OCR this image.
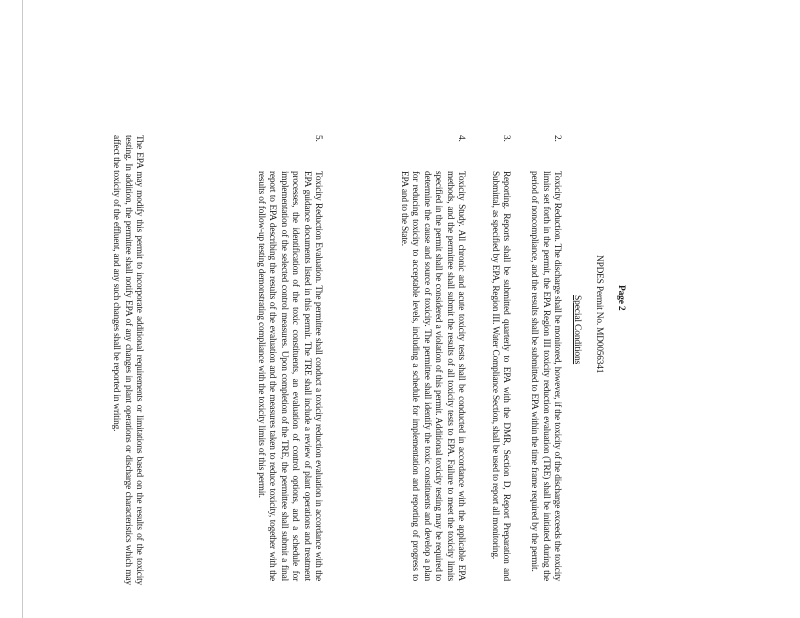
Page 2
NPDES Permit No. MD0056341
Special Conditions
2.
Toxicity Reduction. The discharge shall be monitored, however, if the toxicity of the discharge exceeds the toxicity limits set forth in the permit, the EPA Region III toxicity reduction evaluation (TRE) shall be initiated during the period of noncompliance, and the results shall be submitted to EPA within the time frame required by the permit.
3.
Reporting. Reports shall be submitted quarterly to EPA with the DMR, Section D, Report Preparation and Submittal, as specified by EPA, Region III. Water Compliance Section, shall be used to report all monitoring.
4.
Toxicity Study. All chronic and acute toxicity tests shall be conducted in accordance with the applicable EPA methods, and the permittee shall submit the results of all toxicity tests to EPA. Failure to meet the toxicity limits specified in the permit shall be considered a violation of this permit. Additional toxicity testing may be required to determine the cause and source of toxicity. The permittee shall identify the toxic constituents and develop a plan for reducing toxicity to acceptable levels, including a schedule for implementation and reporting of progress to EPA and to the State.
5.
Toxicity Reduction Evaluation. The permittee shall conduct a toxicity reduction evaluation in accordance with the EPA guidance documents listed in this permit. The TRE shall include a review of plant operations and treatment processes, the identification of the toxic constituents, an evaluation of control options, and a schedule for implementation of the selected control measures. Upon completion of the TRE, the permittee shall submit a final report to EPA describing the results of the evaluation and the measures taken to reduce toxicity, together with the results of follow-up testing demonstrating compliance with the toxicity limits of this permit.
The EPA may modify this permit to incorporate additional requirements or limitations based on the results of the toxicity testing. In addition, the permittee shall notify EPA of any changes in plant operations or discharge characteristics which may affect the toxicity of the effluent, and any such changes shall be reported in writing.
